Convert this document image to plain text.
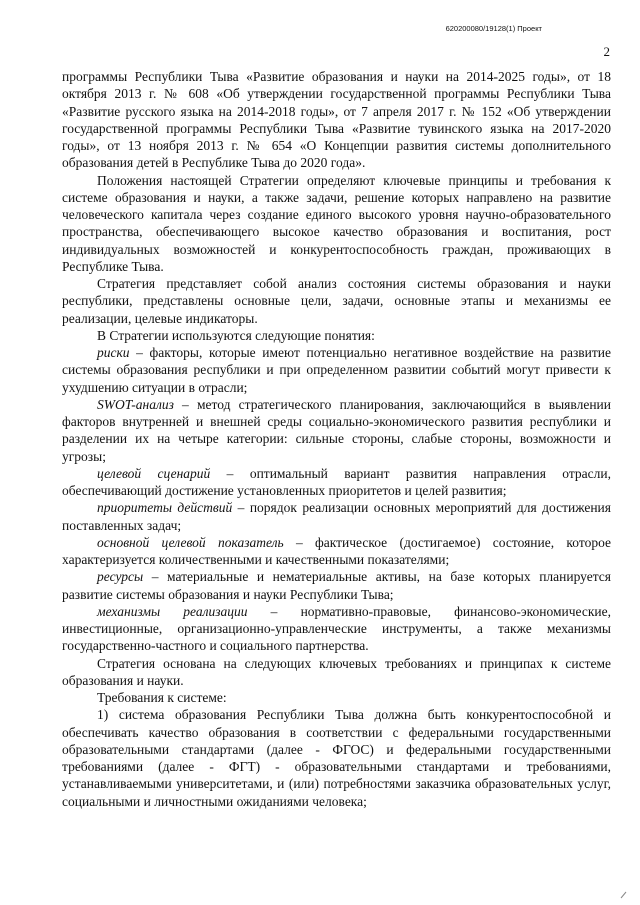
620200080/19128(1) Проект
2

программы Республики Тыва «Развитие образования и науки на 2014-2025 годы», от 18 октября 2013 г. № 608 «Об утверждении государственной программы Республики Тыва «Развитие русского языка на 2014-2018 годы», от 7 апреля 2017 г. № 152 «Об утверждении государственной программы Республики Тыва «Развитие тувинского языка на 2017-2020 годы», от 13 ноября 2013 г. № 654 «О Концепции развития системы дополнительного образования детей в Республике Тыва до 2020 года».

Положения настоящей Стратегии определяют ключевые принципы и требования к системе образования и науки, а также задачи, решение которых направлено на развитие человеческого капитала через создание единого высокого уровня научно-образовательного пространства, обеспечивающего высокое качество образования и воспитания, рост индивидуальных возможностей и конкурентоспособность граждан, проживающих в Республике Тыва.

Стратегия представляет собой анализ состояния системы образования и науки республики, представлены основные цели, задачи, основные этапы и механизмы ее реализации, целевые индикаторы.

В Стратегии используются следующие понятия:

риски – факторы, которые имеют потенциально негативное воздействие на развитие системы образования республики и при определенном развитии событий могут привести к ухудшению ситуации в отрасли;

SWOT-анализ – метод стратегического планирования, заключающийся в выявлении факторов внутренней и внешней среды социально-экономического развития республики и разделении их на четыре категории: сильные стороны, слабые стороны, возможности и угрозы;

целевой сценарий – оптимальный вариант развития направления отрасли, обеспечивающий достижение установленных приоритетов и целей развития;

приоритеты действий – порядок реализации основных мероприятий для достижения поставленных задач;

основной целевой показатель – фактическое (достигаемое) состояние, которое характеризуется количественными и качественными показателями;

ресурсы – материальные и нематериальные активы, на базе которых планируется развитие системы образования и науки Республики Тыва;

механизмы реализации – нормативно-правовые, финансово-экономические, инвестиционные, организационно-управленческие инструменты, а также механизмы государственно-частного и социального партнерства.

Стратегия основана на следующих ключевых требованиях и принципах к системе образования и науки.

Требования к системе:

1) система образования Республики Тыва должна быть конкурентоспособной и обеспечивать качество образования в соответствии с федеральными государственными образовательными стандартами (далее - ФГОС) и федеральными государственными требованиями (далее - ФГТ) - образовательными стандартами и требованиями, устанавливаемыми университетами, и (или) потребностями заказчика образовательных услуг, социальными и личностными ожиданиями человека;
